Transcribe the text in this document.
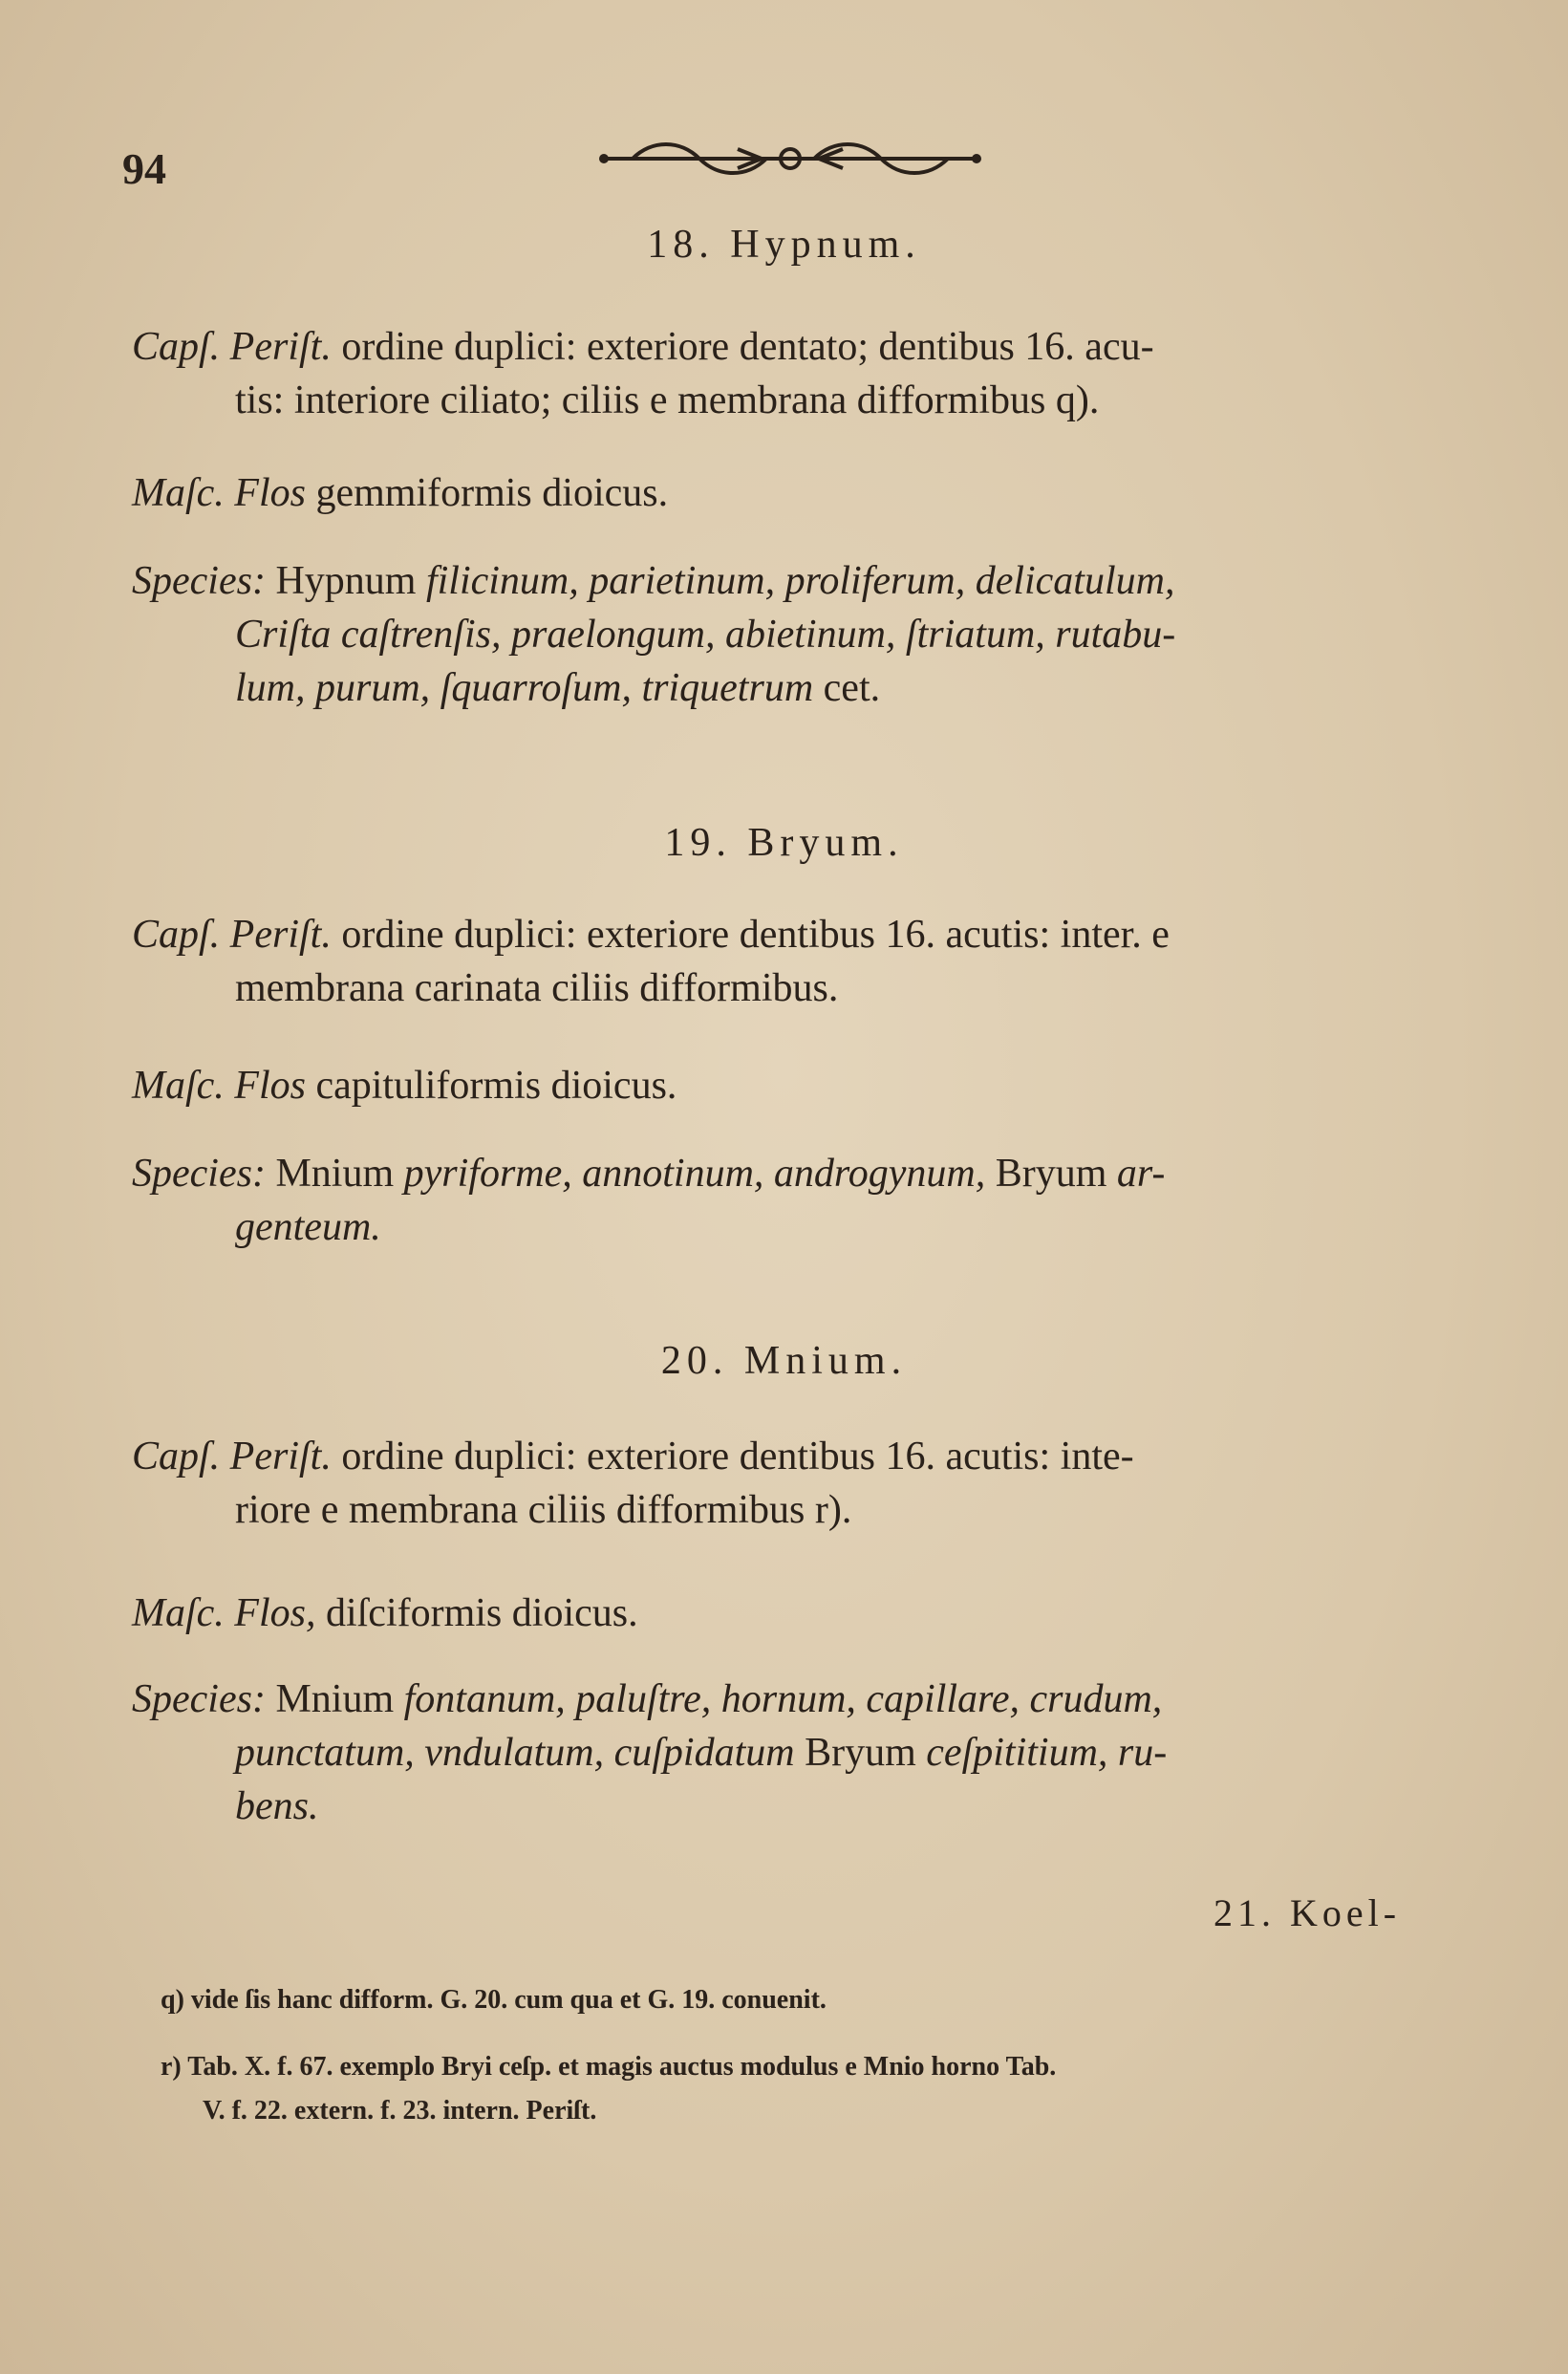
94
18. Hypnum.
Capſ. Periſt. ordine duplici: exteriore dentato; dentibus 16. acu-
tis: interiore ciliato; ciliis e membrana difformibus q).
Maſc. Flos gemmiformis dioicus.
Species: Hypnum filicinum, parietinum, proliferum, delicatulum,
Criſta caſtrenſis, praelongum, abietinum, ſtriatum, rutabu-
lum, purum, ſquarroſum, triquetrum cet.
19. Bryum.
Capſ. Periſt. ordine duplici: exteriore dentibus 16. acutis: inter. e
membrana carinata ciliis difformibus.
Maſc. Flos capituliformis dioicus.
Species: Mnium pyriforme, annotinum, androgynum, Bryum ar-
genteum.
20. Mnium.
Capſ. Periſt. ordine duplici: exteriore dentibus 16. acutis: inte-
riore e membrana ciliis difformibus r).
Maſc. Flos, diſciformis dioicus.
Species: Mnium fontanum, paluſtre, hornum, capillare, crudum,
punctatum, vndulatum, cuſpidatum Bryum ceſpititium, ru-
bens.
21. Koel-
q) vide ſis hanc difform. G. 20. cum qua et G. 19. conuenit.
r) Tab. X. f. 67. exemplo Bryi ceſp. et magis auctus modulus e Mnio horno Tab.
V. f. 22. extern. f. 23. intern. Periſt.
